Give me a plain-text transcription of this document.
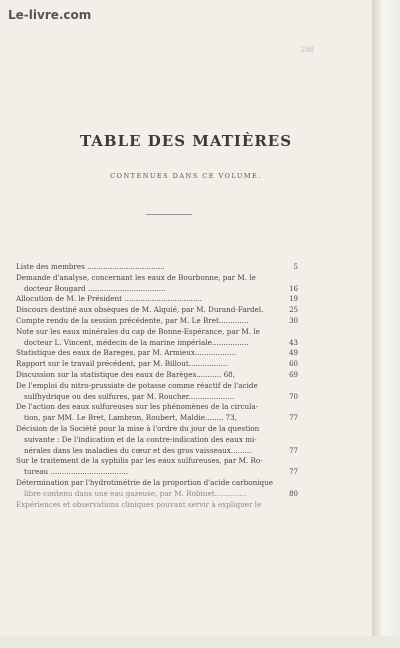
Le-livre.com
288
TABLE DES MATIÈRES
CONTENUES DANS CE VOLUME.
Liste des membres ..................................	5
Demande d'analyse, concernant les eaux de Bourbonne, par M. le
docteur Bougard ..................................	16
Allocution de M. le Président ..................................	19
Discours destiné aux obsèques de M. Alquié, par M. Durand-Fardel.	25
Compte rendu de la session précédente, par M. Le Bret.............	30
Note sur les eaux minérales du cap de Bonne-Espérance, par M. le
docteur L. Vincent, médecin de la marine impériale................	43
Statistique des eaux de Bareges, par M. Armieux..................	49
Rapport sur le travail précédent, par M. Billout.................	60
Discussion sur la statistique des eaux de Barèges........... 68,	69
De l'emploi du nitro-prussiate de potasse comme réactif de l'acide
sulfhydrique ou des sulfures, par M. Roucher....................	70
De l'action des eaux sulfureuses sur les phénomènes de la circula-
tion, par MM. Le Bret, Lambron, Roubert, Maldie........ 73,	77
Décision de la Société pour la mise à l'ordre du jour de la question
suivante : De l'indication et de la contre-indication des eaux mi-
nérales dans les maladies du cœur et des gros vaisseaux.........	77
Sur le traitement de la syphilis par les eaux sulfureuses, par M. Ro-
tureau ..................................	77
Détermination par l'hydrotimétrie de la proportion d'acide carbonique
libre contenu dans une eau gazeuse, par M. Robinet..............	80
Expériences et observations cliniques pouvant servir à expliquer le
